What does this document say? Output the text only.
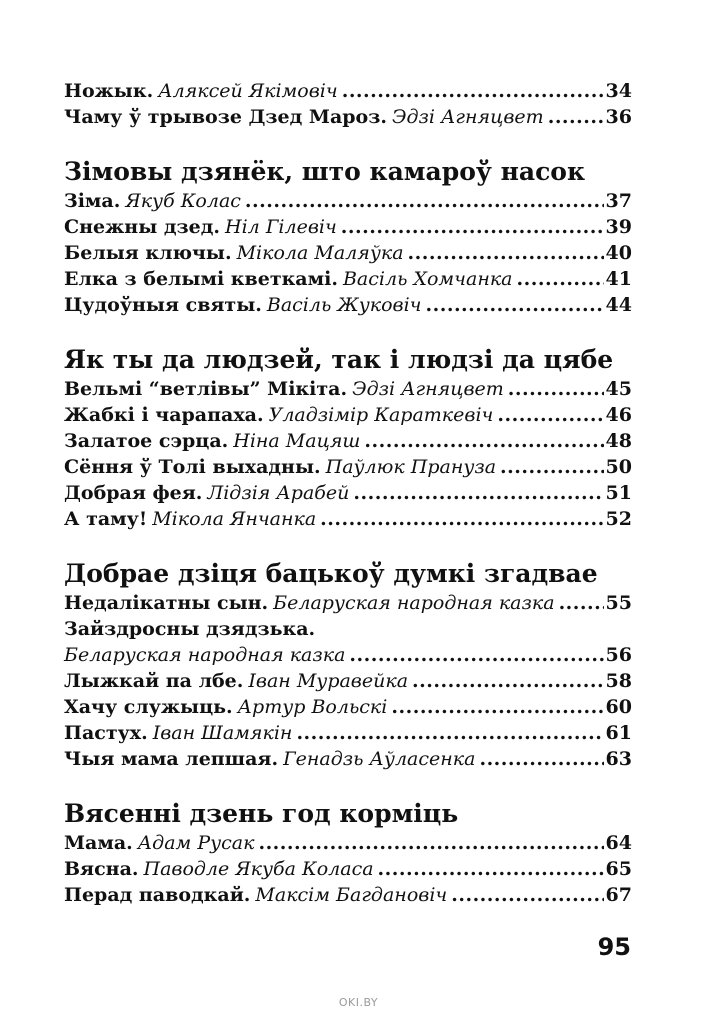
Ножык. Аляксей Якімовіч .....	34
Чаму ў трывозе Дзед Мароз. Эдзі Агняцвет .....	36
Зімовы дзянёк, што камароў насок
Зіма. Якуб Колас .....	37
Снежны дзед. Ніл Гілевіч .....	39
Белыя ключы. Мікола Маляўка .....	40
Елка з белымі кветкамі. Васіль Хомчанка .....	41
Цудоўныя святы. Васіль Жуковіч .....	44
Як ты да людзей, так і людзі да цябе
Вельмі “ветлівы” Мікіта. Эдзі Агняцвет .....	45
Жабкі і чарапаха. Уладзімір Караткевіч .....	46
Залатое сэрца. Ніна Мацяш .....	48
Сёння ў Толі выхадны. Паўлюк Пранузa .....	50
Добрая фея. Лідзія Арабей .....	51
А таму! Мікола Янчанка .....	52
Добрае дзіця бацькоў думкі згадвае
Недалікатны сын. Беларуская народная казка .....	55
Зайздросны дзядзька.
Беларуская народная казка .....	56
Лыжкай па лбе. Іван Муравейка .....	58
Хачу служыць. Артур Вольскі .....	60
Пастух. Іван Шамякін .....	61
Чыя мама лепшая. Генадзь Аўласенка .....	63
Вясенні дзень год корміць
Мама. Адам Русак .....	64
Вясна. Паводле Якуба Коласа .....	65
Перад паводкай. Максім Багдановіч .....	67
95
OKI.BY
